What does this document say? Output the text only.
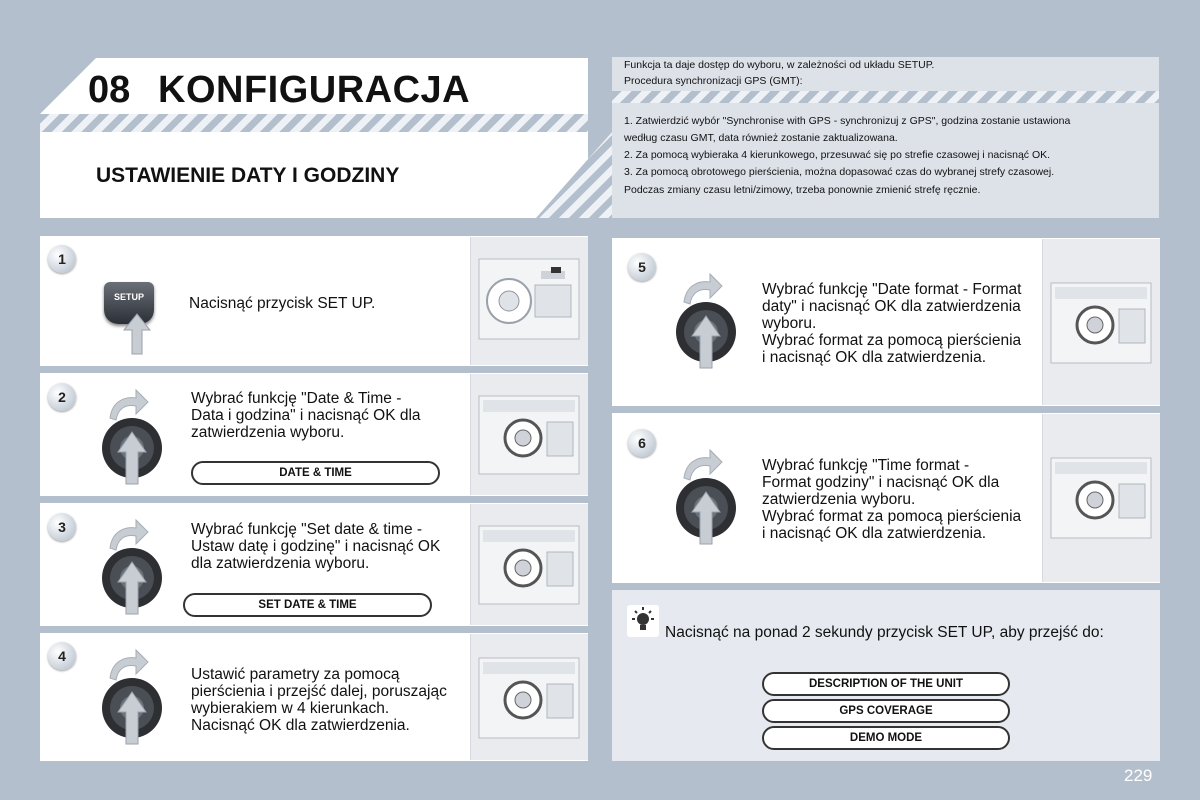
08 KONFIGURACJA
USTAWIENIE DATY I GODZINY
Funkcja ta daje dostęp do wyboru, w zależności od układu SETUP.
Procedura synchronizacji GPS (GMT):
1. Zatwierdzić wybór "Synchronise with GPS - synchronizuj z GPS", godzina zostanie ustawiona
według czasu GMT, data również zostanie zaktualizowana.
2. Za pomocą wybieraka 4 kierunkowego, przesuwać się po strefie czasowej i nacisnąć OK.
3. Za pomocą obrotowego pierścienia, można dopasować czas do wybranej strefy czasowej.
Podczas zmiany czasu letni/zimowy, trzeba ponownie zmienić strefę ręcznie.
1
SETUP	Nacisnąć przycisk SET UP.
2	Wybrać funkcję "Date & Time -
Data i godzina" i nacisnąć OK dla
zatwierdzenia wyboru.
DATE & TIME
3	Wybrać funkcję "Set date & time -
Ustaw datę i godzinę" i nacisnąć OK
dla zatwierdzenia wyboru.
SET DATE & TIME
4
Ustawić parametry za pomocą
pierścienia i przejść dalej, poruszając
wybierakiem w 4 kierunkach.
Nacisnąć OK dla zatwierdzenia.
5
Wybrać funkcję "Date format - Format
daty" i nacisnąć OK dla zatwierdzenia
wyboru.
Wybrać format za pomocą pierścienia
i nacisnąć OK dla zatwierdzenia.
6
Wybrać funkcję "Time format -
Format godziny" i nacisnąć OK dla
zatwierdzenia wyboru.
Wybrać format za pomocą pierścienia
i nacisnąć OK dla zatwierdzenia.
Nacisnąć na ponad 2 sekundy przycisk SET UP, aby przejść do:
DESCRIPTION OF THE UNIT
GPS COVERAGE
DEMO MODE
229
